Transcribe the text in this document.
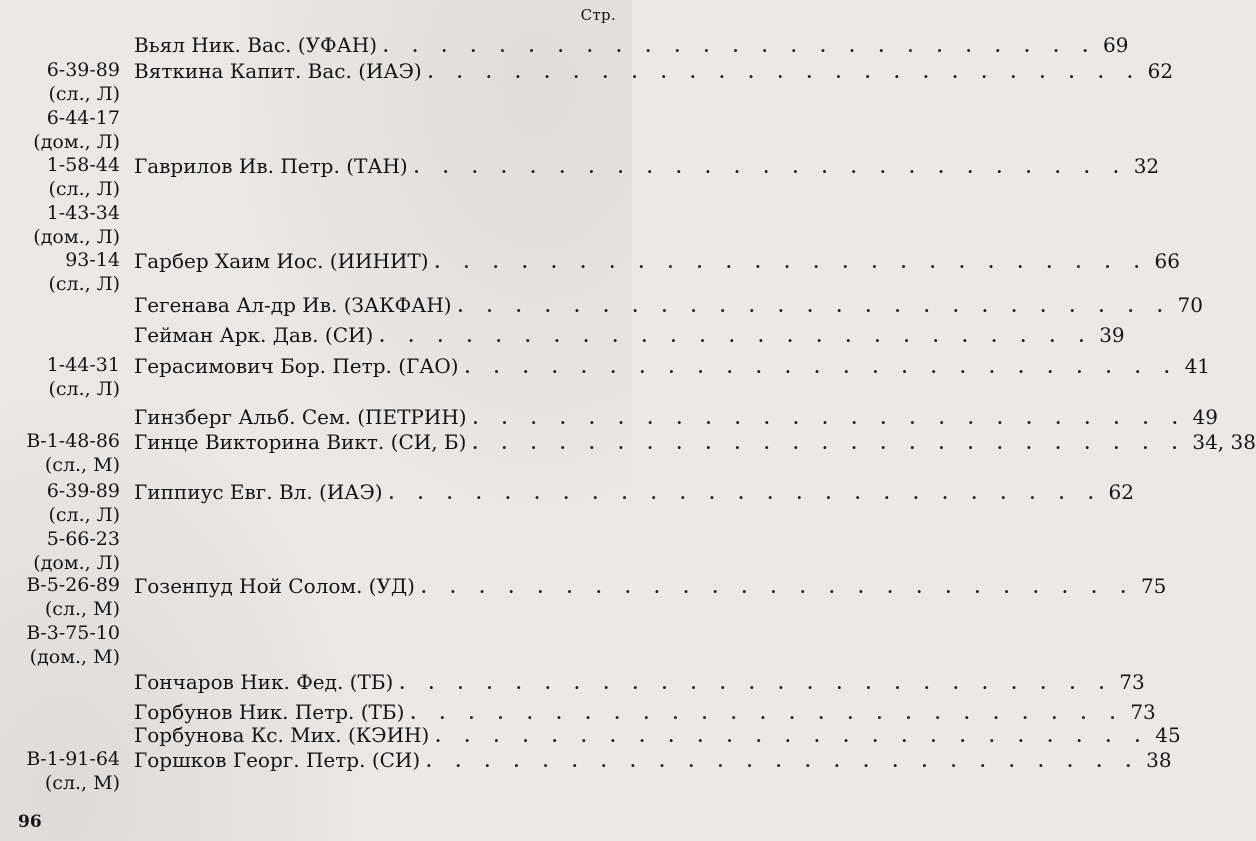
Стр.
Вьял Ник. Вас. (УФАН) . . . . . . . . . . . . . . . . . . . . . . . . . 69
6-39-89
(сл., Л)
6-44-17
(дом., Л)
Вяткина Капит. Вас. (ИАЭ) . . . . . . . . . . . . . . . . . . . . . . . . . 62
1-58-44
(сл., Л)
1-43-34
(дом., Л)
Гаврилов Ив. Петр. (ТАН) . . . . . . . . . . . . . . . . . . . . . . . . . 32
93-14
(сл., Л)
Гарбер Хаим Иос. (ИИНИТ) . . . . . . . . . . . . . . . . . . . . . . . . . 66
Гегенава Ал-др Ив. (ЗАКФАН) . . . . . . . . . . . . . . . . . . . . . . . . . 70
Гейман Арк. Дав. (СИ) . . . . . . . . . . . . . . . . . . . . . . . . . 39
1-44-31
(сл., Л)
Герасимович Бор. Петр. (ГАО) . . . . . . . . . . . . . . . . . . . . . . . . . 41
Гинзберг Альб. Сем. (ПЕТРИН) . . . . . . . . . . . . . . . . . . . . . . . . . 49
В-1-48-86
(сл., М)
Гинце Викторина Викт. (СИ, Б) . . . . . . . . . . . . . . . . . . . . . . . . . 34, 38
6-39-89
(сл., Л)
5-66-23
(дом., Л)
Гиппиус Евг. Вл. (ИАЭ) . . . . . . . . . . . . . . . . . . . . . . . . . 62
В-5-26-89
(сл., М)
В-3-75-10
(дом., М)
Гозенпуд Ной Солом. (УД) . . . . . . . . . . . . . . . . . . . . . . . . . 75
Гончаров Ник. Фед. (ТБ) . . . . . . . . . . . . . . . . . . . . . . . . . 73
Горбунов Ник. Петр. (ТБ) . . . . . . . . . . . . . . . . . . . . . . . . . 73
Горбунова Кс. Мих. (КЭИН) . . . . . . . . . . . . . . . . . . . . . . . . . 45
В-1-91-64
(сл., М)
Горшков Георг. Петр. (СИ) . . . . . . . . . . . . . . . . . . . . . . . . . 38
96
